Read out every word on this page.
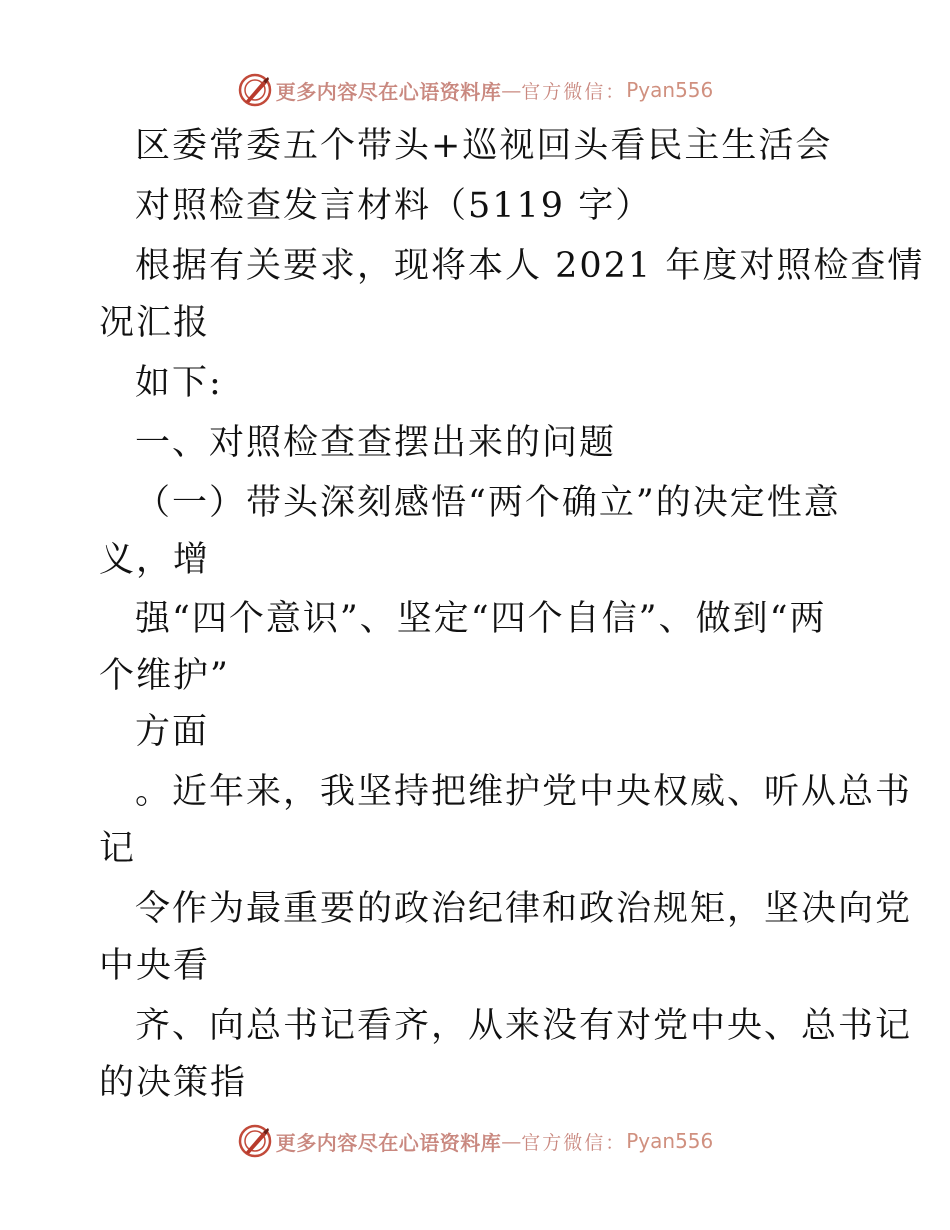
更多内容尽在心语资料库 — 官方微信： Pyan556
区委常委五个带头+巡视回头看民主生活会
对照检查发言材料（5119 字）
根据有关要求，现将本人 2021 年度对照检查情
况汇报
如下:
一、对照检查查摆出来的问题
（一）带头深刻感悟“两个确立”的决定性意
义，增
强“四个意识”、坚定“四个自信”、做到“两
个维护”
方面
。近年来，我坚持把维护党中央权威、听从总书
记
令作为最重要的政治纪律和政治规矩，坚决向党
中央看
齐、向总书记看齐，从来没有对党中央、总书记
的决策指
更多内容尽在心语资料库 — 官方微信： Pyan556
